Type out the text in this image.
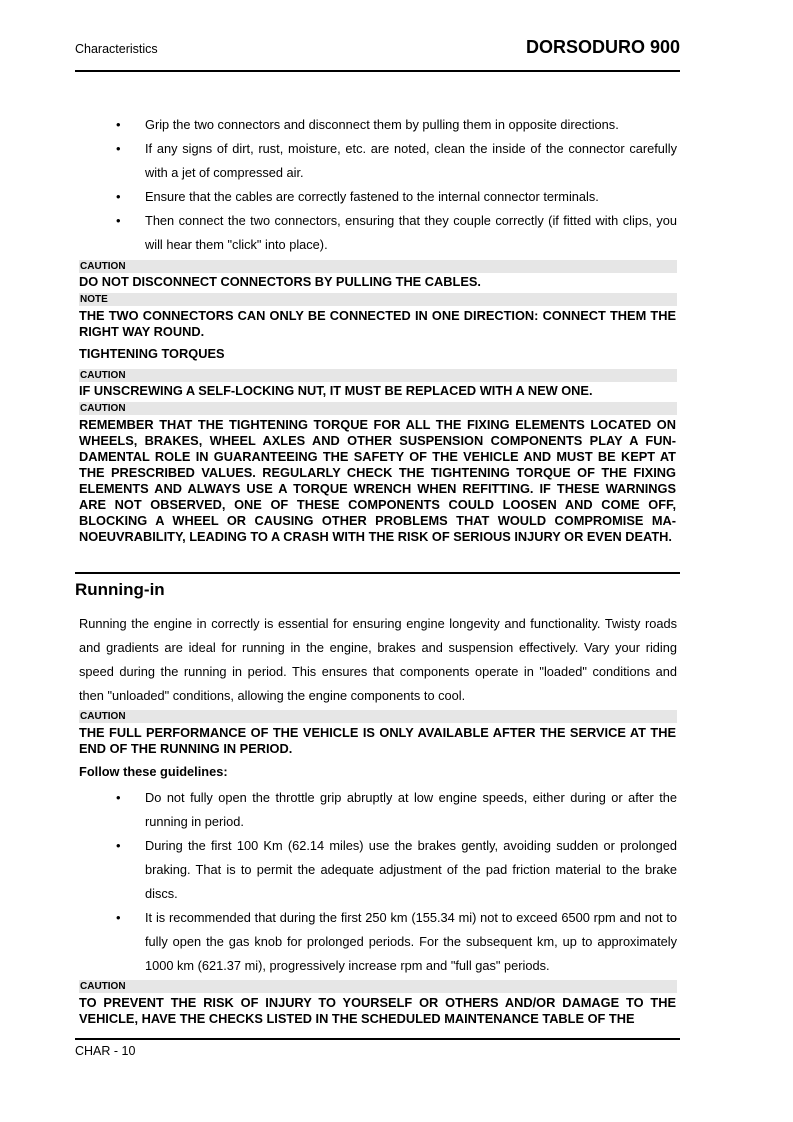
Characteristics	DORSODURO 900
• Grip the two connectors and disconnect them by pulling them in opposite directions.
• If any signs of dirt, rust, moisture, etc. are noted, clean the inside of the connector carefully with a jet of compressed air.
• Ensure that the cables are correctly fastened to the internal connector terminals.
• Then connect the two connectors, ensuring that they couple correctly (if fitted with clips, you will hear them "click" into place).
CAUTION
DO NOT DISCONNECT CONNECTORS BY PULLING THE CABLES.
NOTE
THE TWO CONNECTORS CAN ONLY BE CONNECTED IN ONE DIRECTION: CONNECT THEM THE RIGHT WAY ROUND.
TIGHTENING TORQUES
CAUTION
IF UNSCREWING A SELF-LOCKING NUT, IT MUST BE REPLACED WITH A NEW ONE.
CAUTION
REMEMBER THAT THE TIGHTENING TORQUE FOR ALL THE FIXING ELEMENTS LOCATED ON WHEELS, BRAKES, WHEEL AXLES AND OTHER SUSPENSION COMPONENTS PLAY A FUN-DAMENTAL ROLE IN GUARANTEEING THE SAFETY OF THE VEHICLE AND MUST BE KEPT AT THE PRESCRIBED VALUES. REGULARLY CHECK THE TIGHTENING TORQUE OF THE FIXING ELEMENTS AND ALWAYS USE A TORQUE WRENCH WHEN REFITTING. IF THESE WARNINGS ARE NOT OBSERVED, ONE OF THESE COMPONENTS COULD LOOSEN AND COME OFF, BLOCKING A WHEEL OR CAUSING OTHER PROBLEMS THAT WOULD COMPROMISE MA-NOEUVRABILITY, LEADING TO A CRASH WITH THE RISK OF SERIOUS INJURY OR EVEN DEATH.
Running-in
Running the engine in correctly is essential for ensuring engine longevity and functionality. Twisty roads and gradients are ideal for running in the engine, brakes and suspension effectively. Vary your riding speed during the running in period. This ensures that components operate in "loaded" conditions and then "unloaded" conditions, allowing the engine components to cool.
CAUTION
THE FULL PERFORMANCE OF THE VEHICLE IS ONLY AVAILABLE AFTER THE SERVICE AT THE END OF THE RUNNING IN PERIOD.
Follow these guidelines:
• Do not fully open the throttle grip abruptly at low engine speeds, either during or after the running in period.
• During the first 100 Km (62.14 miles) use the brakes gently, avoiding sudden or prolonged braking. That is to permit the adequate adjustment of the pad friction material to the brake discs.
• It is recommended that during the first 250 km (155.34 mi) not to exceed 6500 rpm and not to fully open the gas knob for prolonged periods. For the subsequent km, up to approximately 1000 km (621.37 mi), progressively increase rpm and "full gas" periods.
CAUTION
TO PREVENT THE RISK OF INJURY TO YOURSELF OR OTHERS AND/OR DAMAGE TO THE VEHICLE, HAVE THE CHECKS LISTED IN THE SCHEDULED MAINTENANCE TABLE OF THE
CHAR - 10
